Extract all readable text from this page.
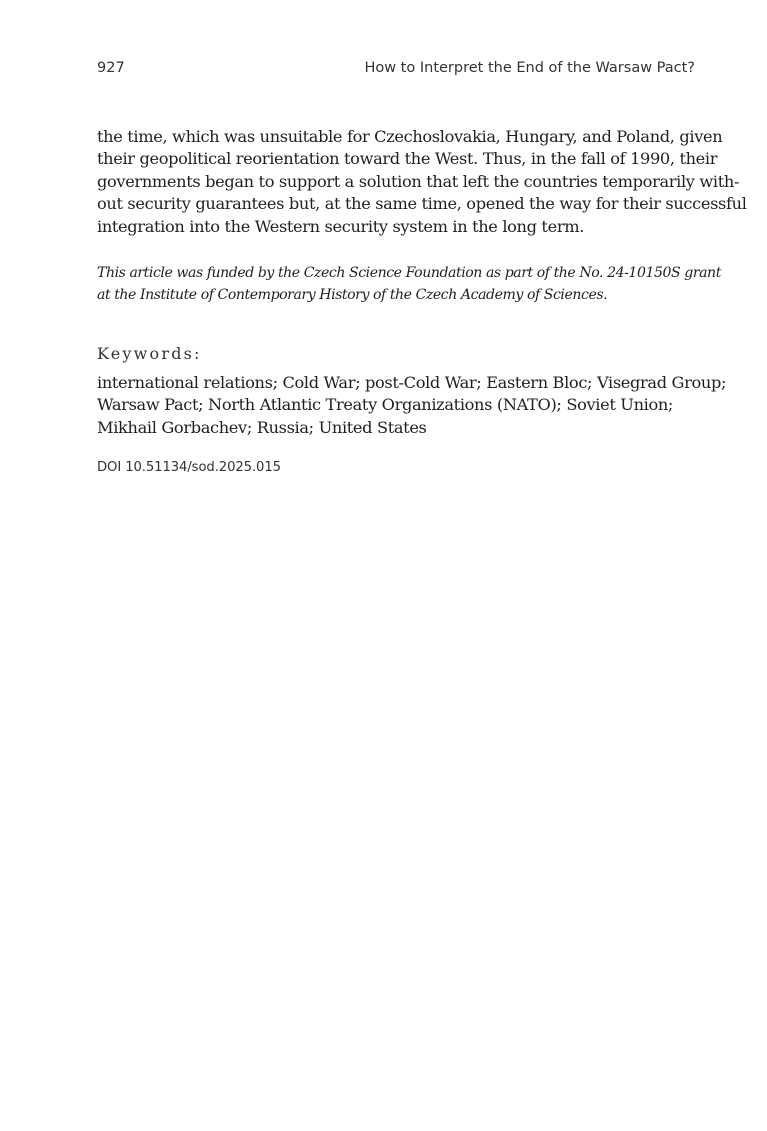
927	How to Interpret the End of the Warsaw Pact?
the time, which was unsuitable for Czechoslovakia, Hungary, and Poland, given
their geopolitical reorientation toward the West. Thus, in the fall of 1990, their
governments began to support a solution that left the countries temporarily with-
out security guarantees but, at the same time, opened the way for their successful
integration into the Western security system in the long term.
This article was funded by the Czech Science Foundation as part of the No. 24-10150S grant
at the Institute of Contemporary History of the Czech Academy of Sciences.
Keywords:
international relations; Cold War; post-Cold War; Eastern Bloc; Visegrad Group;
Warsaw Pact; North Atlantic Treaty Organizations (NATO); Soviet Union;
Mikhail Gorbachev; Russia; United States
DOI 10.51134/sod.2025.015
